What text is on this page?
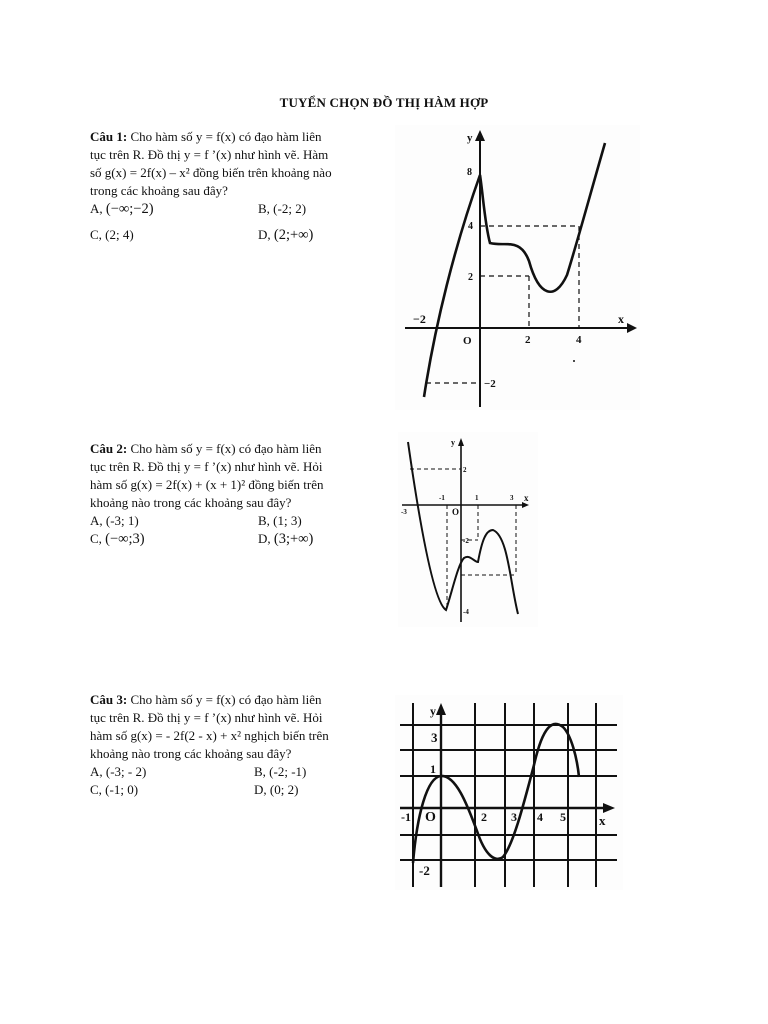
TUYỂN CHỌN ĐỒ THỊ HÀM HỢP
Câu 1: Cho hàm số y = f(x) có đạo hàm liên
tục trên R. Đồ thị y = f ’(x) như hình vẽ. Hàm
số g(x) = 2f(x) – x² đồng biến trên khoảng nào
trong các khoảng sau đây?
A, (−∞;−2)	B, (-2; 2)
C, (2; 4)	D, (2;+∞)
y
x
O
−2
2	4
8
4
2
−2
Câu 2: Cho hàm số y = f(x) có đạo hàm liên
tục trên R. Đồ thị y = f ’(x) như hình vẽ. Hỏi
hàm số g(x) = 2f(x) + (x + 1)² đồng biến trên
khoảng nào trong các khoảng sau đây?
A, (-3; 1)	B, (1; 3)
C, (−∞;3)	D, (3;+∞)
y
x
O
-3
-1	1	3
2
-2
-4
Câu 3: Cho hàm số y = f(x) có đạo hàm liên
tục trên R. Đồ thị y = f ’(x) như hình vẽ. Hỏi
hàm số g(x) = - 2f(2 - x) + x² nghịch biến trên
khoảng nào trong các khoảng sau đây?
A, (-3; - 2)	B, (-2; -1)
C, (-1; 0)	D, (0; 2)
y
x
O
-1	2 3 4 5
3
1
-2
